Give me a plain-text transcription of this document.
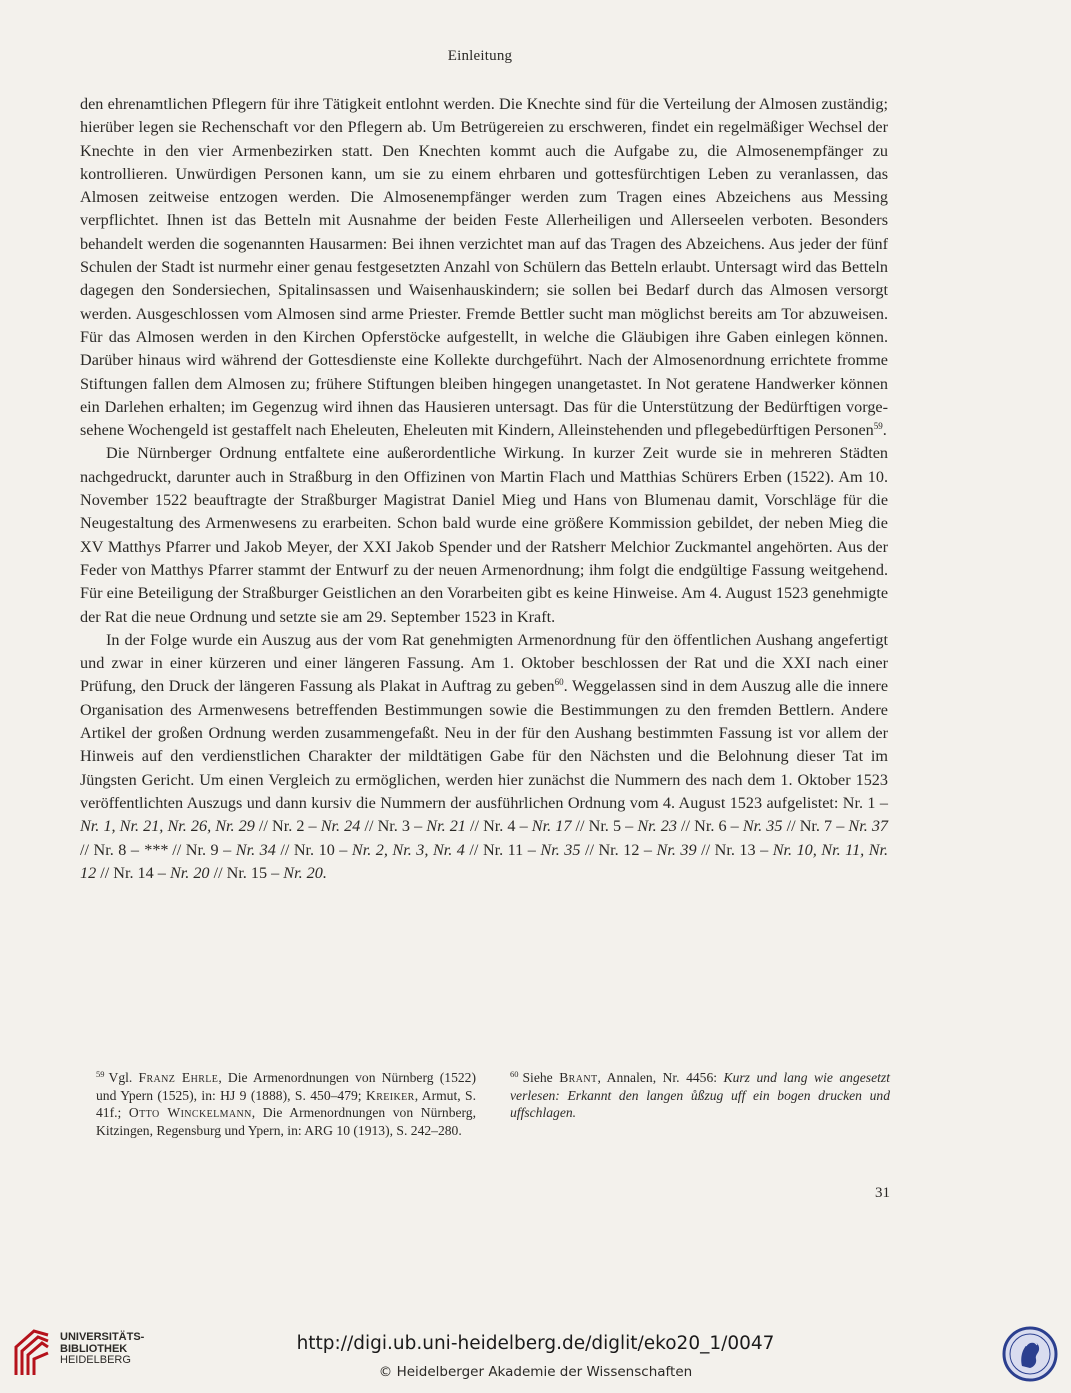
Einleitung

den ehrenamtlichen Pflegern für ihre Tätigkeit entlohnt werden. Die Knechte sind für die Verteilung der Almosen zuständig; hierüber legen sie Rechenschaft vor den Pflegern ab. Um Betrügereien zu erschweren, findet ein regelmäßiger Wechsel der Knechte in den vier Armenbezirken statt. Den Knechten kommt auch die Aufgabe zu, die Almosenempfänger zu kontrollieren. Unwürdigen Personen kann, um sie zu einem ehrbaren und gottesfürchtigen Leben zu veranlassen, das Almosen zeitweise entzogen werden. Die Almosenempfänger werden zum Tragen eines Abzeichens aus Messing verpflichtet. Ihnen ist das Betteln mit Ausnahme der beiden Feste Allerheiligen und Allerseelen verboten. Besonders behandelt werden die sogenannten Hausarmen: Bei ihnen verzichtet man auf das Tragen des Abzeichens. Aus jeder der fünf Schulen der Stadt ist nurmehr einer genau festgesetzten Anzahl von Schülern das Betteln erlaubt. Untersagt wird das Betteln dagegen den Sondersiechen, Spitalinsassen und Waisenhauskindern; sie sollen bei Bedarf durch das Almosen versorgt werden. Ausgeschlossen vom Almosen sind arme Priester. Fremde Bettler sucht man möglichst bereits am Tor abzuweisen. Für das Almosen werden in den Kirchen Opferstöcke aufgestellt, in welche die Gläubigen ihre Gaben einlegen können. Darüber hinaus wird während der Gottesdienste eine Kollekte durchgeführt. Nach der Almosenordnung errichtete fromme Stiftungen fallen dem Almosen zu; frühere Stiftungen bleiben hingegen unangetastet. In Not geratene Handwerker können ein Darlehen erhalten; im Gegenzug wird ihnen das Hausieren untersagt. Das für die Unterstützung der Bedürftigen vorgesehene Wochengeld ist gestaffelt nach Eheleuten, Eheleuten mit Kindern, Alleinstehenden und pflegebedürftigen Personen$^{59}$.

Die Nürnberger Ordnung entfaltete eine außerordentliche Wirkung. In kurzer Zeit wurde sie in mehreren Städten nachgedruckt, darunter auch in Straßburg in den Offizinen von Martin Flach und Matthias Schürers Erben (1522). Am 10. November 1522 beauftragte der Straßburger Magistrat Daniel Mieg und Hans von Blumenau damit, Vorschläge für die Neugestaltung des Armenwesens zu erarbeiten. Schon bald wurde eine größere Kommission gebildet, der neben Mieg die XV Matthys Pfarrer und Jakob Meyer, der XXI Jakob Spender und der Ratsherr Melchior Zuckmantel angehörten. Aus der Feder von Matthys Pfarrer stammt der Entwurf zu der neuen Armenordnung; ihm folgt die endgültige Fassung weitgehend. Für eine Beteiligung der Straßburger Geistlichen an den Vorarbeiten gibt es keine Hinweise. Am 4. August 1523 genehmigte der Rat die neue Ordnung und setzte sie am 29. September 1523 in Kraft.

In der Folge wurde ein Auszug aus der vom Rat genehmigten Armenordnung für den öffentlichen Aushang angefertigt und zwar in einer kürzeren und einer längeren Fassung. Am 1. Oktober beschlossen der Rat und die XXI nach einer Prüfung, den Druck der längeren Fassung als Plakat in Auftrag zu geben$^{60}$. Weggelassen sind in dem Auszug alle die innere Organisation des Armenwesens betreffenden Bestimmungen sowie die Bestimmungen zu den fremden Bettlern. Andere Artikel der großen Ordnung werden zusammengefaßt. Neu in der für den Aushang bestimmten Fassung ist vor allem der Hinweis auf den verdienstlichen Charakter der mildtätigen Gabe für den Nächsten und die Belohnung dieser Tat im Jüngsten Gericht. Um einen Vergleich zu ermöglichen, werden hier zunächst die Nummern des nach dem 1. Oktober 1523 veröffentlichten Auszugs und dann kursiv die Nummern der ausführlichen Ordnung vom 4. August 1523 aufgelistet: Nr. 1 – Nr. 1, Nr. 21, Nr. 26, Nr. 29 // Nr. 2 – Nr. 24 // Nr. 3 – Nr. 21 // Nr. 4 – Nr. 17 // Nr. 5 – Nr. 23 // Nr. 6 – Nr. 35 // Nr. 7 – Nr. 37 // Nr. 8 – *** // Nr. 9 – Nr. 34 // Nr. 10 – Nr. 2, Nr. 3, Nr. 4 // Nr. 11 – Nr. 35 // Nr. 12 – Nr. 39 // Nr. 13 – Nr. 10, Nr. 11, Nr. 12 // Nr. 14 – Nr. 20 // Nr. 15 – Nr. 20.

$^{59}$ Vgl. Franz Ehrle, Die Armenordnungen von Nürnberg (1522) und Ypern (1525), in: HJ 9 (1888), S. 450–479; Kreiker, Armut, S. 41f.; Otto Winckelmann, Die Armenordnungen von Nürnberg, Kitzingen, Regensburg und Ypern, in: ARG 10 (1913), S. 242–280.
$^{60}$ Siehe Brant, Annalen, Nr. 4456: Kurz und lang wie angesetzt verlesen: Erkannt den langen ůßzug uff ein bogen drucken und uffschlagen.
31
UNIVERSITÄTS-
BIBLIOTHEK
HEIDELBERG
http://digi.ub.uni-heidelberg.de/diglit/eko20_1/0047
© Heidelberger Akademie der Wissenschaften
